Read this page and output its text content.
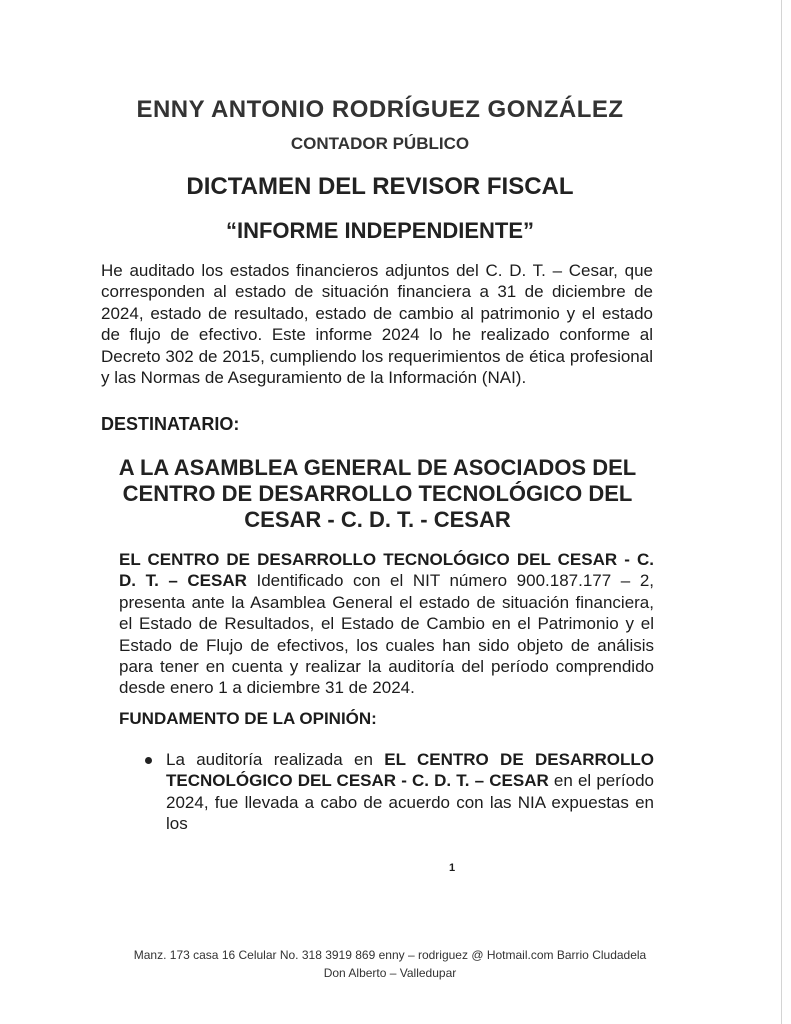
ENNY ANTONIO RODRÍGUEZ GONZÁLEZ
CONTADOR PÚBLICO
DICTAMEN DEL REVISOR FISCAL
“INFORME INDEPENDIENTE”
He auditado los estados financieros adjuntos del C. D. T. – Cesar, que corresponden al estado de situación financiera a 31 de diciembre de 2024, estado de resultado, estado de cambio al patrimonio y el estado de flujo de efectivo. Este informe 2024 lo he realizado conforme al Decreto 302 de 2015, cumpliendo los requerimientos de ética profesional y las Normas de Aseguramiento de la Información (NAI).
DESTINATARIO:
A LA ASAMBLEA GENERAL DE ASOCIADOS DEL
CENTRO DE DESARROLLO TECNOLÓGICO DEL
CESAR - C. D. T. - CESAR
EL CENTRO DE DESARROLLO TECNOLÓGICO DEL CESAR - C. D. T. – CESAR Identificado con el NIT número 900.187.177 – 2, presenta ante la Asamblea General el estado de situación financiera, el Estado de Resultados, el Estado de Cambio en el Patrimonio y el Estado de Flujo de efectivos, los cuales han sido objeto de análisis para tener en cuenta y realizar la auditoría del período comprendido desde enero 1 a diciembre 31 de 2024.
FUNDAMENTO DE LA OPINIÓN:
La auditoría realizada en EL CENTRO DE DESARROLLO TECNOLÓGICO DEL CESAR - C. D. T. – CESAR en el período 2024, fue llevada a cabo de acuerdo con las NIA expuestas en los
1
Manz. 173 casa 16 Celular No. 318 3919 869 enny – rodriguez @ Hotmail.com Barrio Cludadela
Don Alberto – Valledupar
